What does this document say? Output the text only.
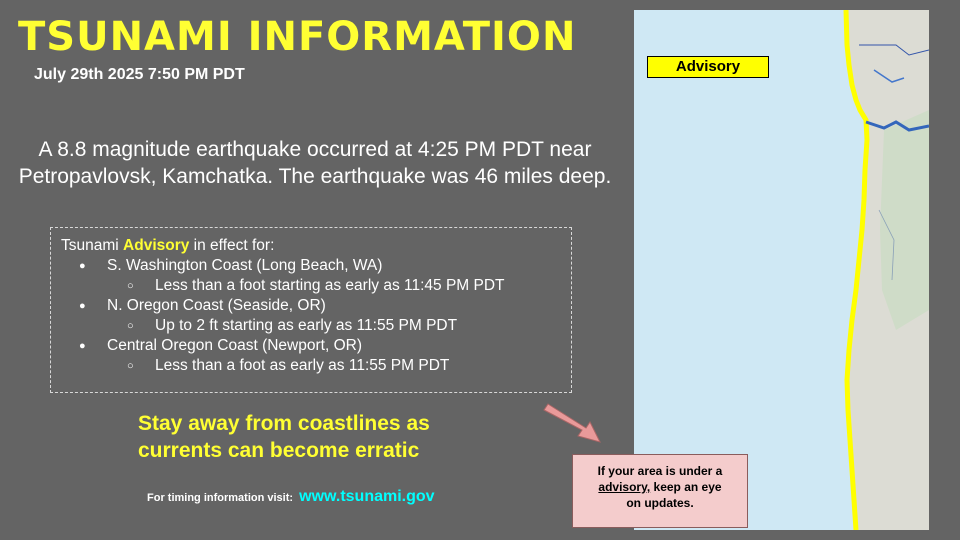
TSUNAMI INFORMATION
July 29th 2025 7:50 PM PDT
A 8.8 magnitude earthquake occurred at 4:25 PM PDT near
Petropavlovsk, Kamchatka. The earthquake was 46 miles deep.
Tsunami Advisory in effect for:
● S. Washington Coast (Long Beach, WA)
○ Less than a foot starting as early as 11:45 PM PDT
● N. Oregon Coast (Seaside, OR)
○ Up to 2 ft starting as early as 11:55 PM PDT
● Central Oregon Coast (Newport, OR)
○ Less than a foot as early as 11:55 PM PDT
Stay away from coastlines as
currents can become erratic
For timing information visit: www.tsunami.gov
Advisory
If your area is under a
advisory, keep an eye
on updates.
